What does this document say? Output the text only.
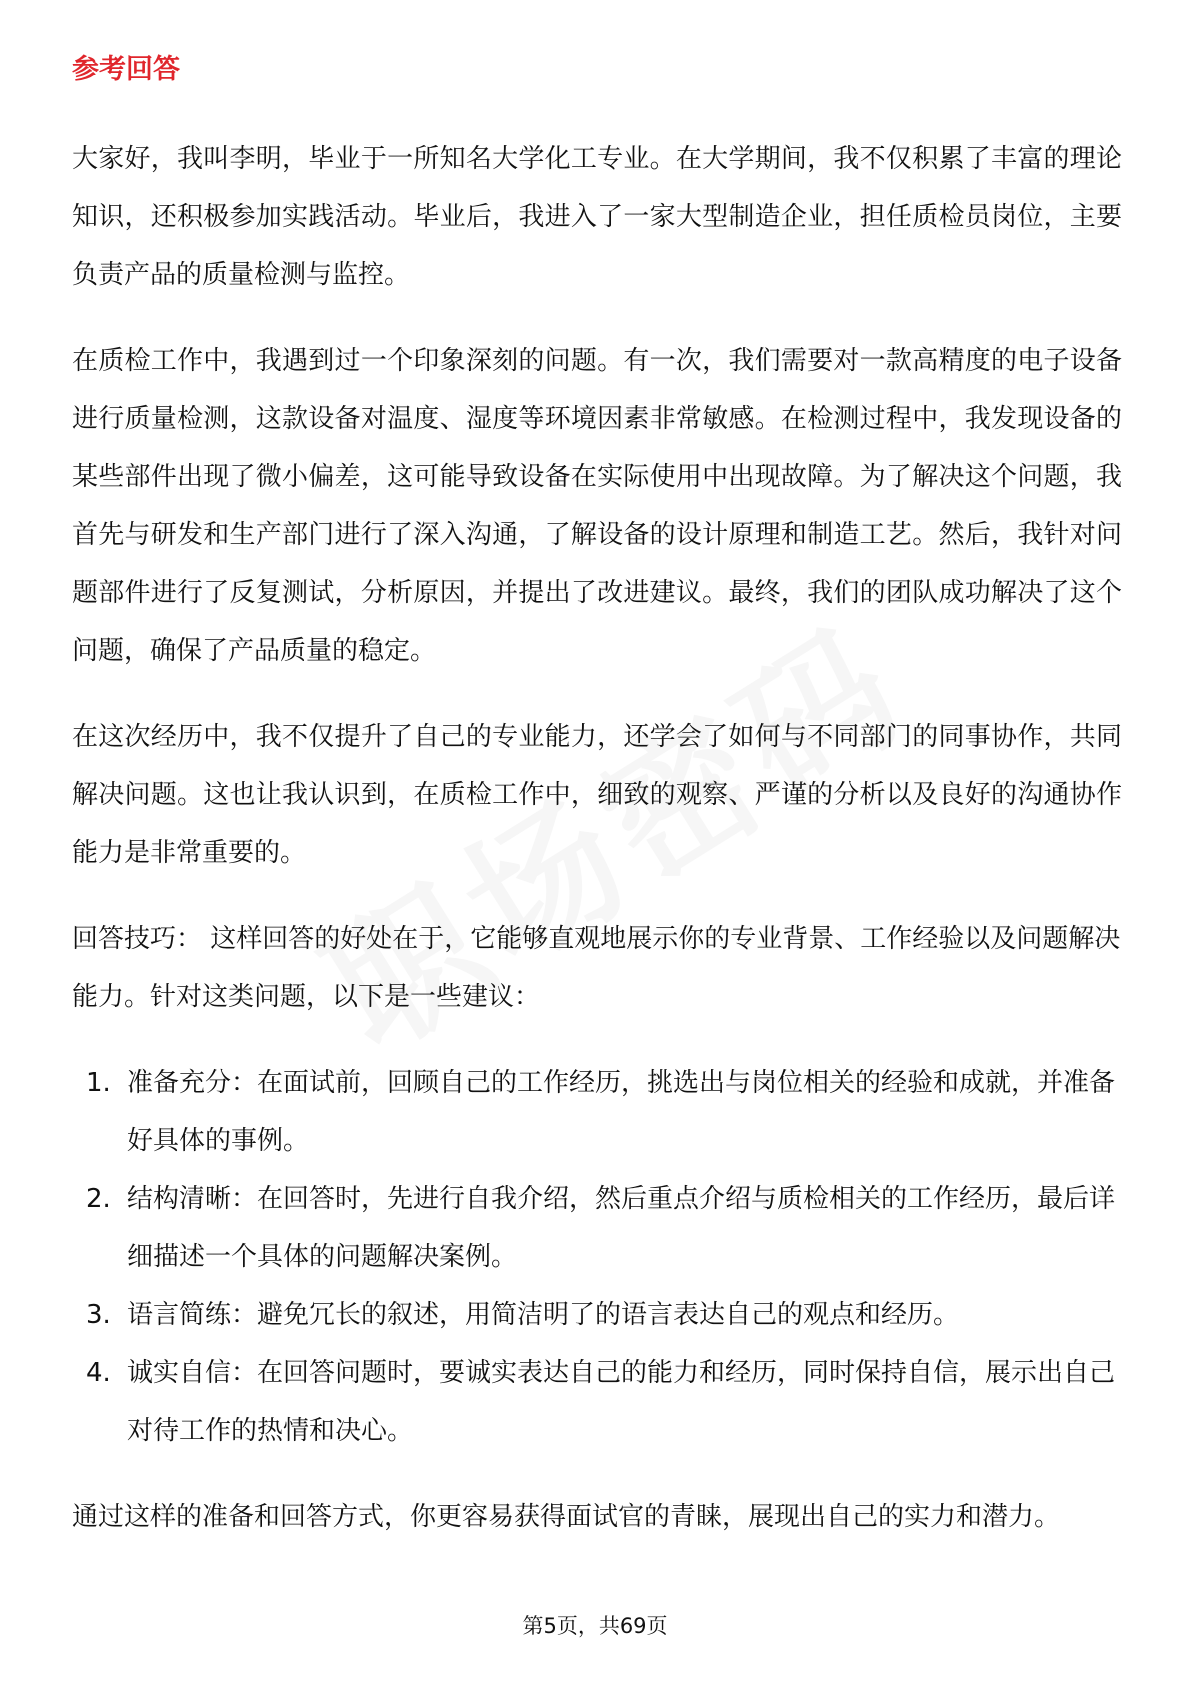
参考回答

大家好，我叫李明，毕业于一所知名大学化工专业。在大学期间，我不仅积累了丰富的理论知识，还积极参加实践活动。毕业后，我进入了一家大型制造企业，担任质检员岗位，主要负责产品的质量检测与监控。

在质检工作中，我遇到过一个印象深刻的问题。有一次，我们需要对一款高精度的电子设备进行质量检测，这款设备对温度、湿度等环境因素非常敏感。在检测过程中，我发现设备的某些部件出现了微小偏差，这可能导致设备在实际使用中出现故障。为了解决这个问题，我首先与研发和生产部门进行了深入沟通，了解设备的设计原理和制造工艺。然后，我针对问题部件进行了反复测试，分析原因，并提出了改进建议。最终，我们的团队成功解决了这个问题，确保了产品质量的稳定。

在这次经历中，我不仅提升了自己的专业能力，还学会了如何与不同部门的同事协作，共同解决问题。这也让我认识到，在质检工作中，细致的观察、严谨的分析以及良好的沟通协作能力是非常重要的。

回答技巧： 这样回答的好处在于，它能够直观地展示你的专业背景、工作经验以及问题解决能力。针对这类问题，以下是一些建议：

1. 准备充分：在面试前，回顾自己的工作经历，挑选出与岗位相关的经验和成就，并准备好具体的事例。
2. 结构清晰：在回答时，先进行自我介绍，然后重点介绍与质检相关的工作经历，最后详细描述一个具体的问题解决案例。
3. 语言简练：避免冗长的叙述，用简洁明了的语言表达自己的观点和经历。
4. 诚实自信：在回答问题时，要诚实表达自己的能力和经历，同时保持自信，展示出自己对待工作的热情和决心。

通过这样的准备和回答方式，你更容易获得面试官的青睐，展现出自己的实力和潜力。

第5页，共69页
